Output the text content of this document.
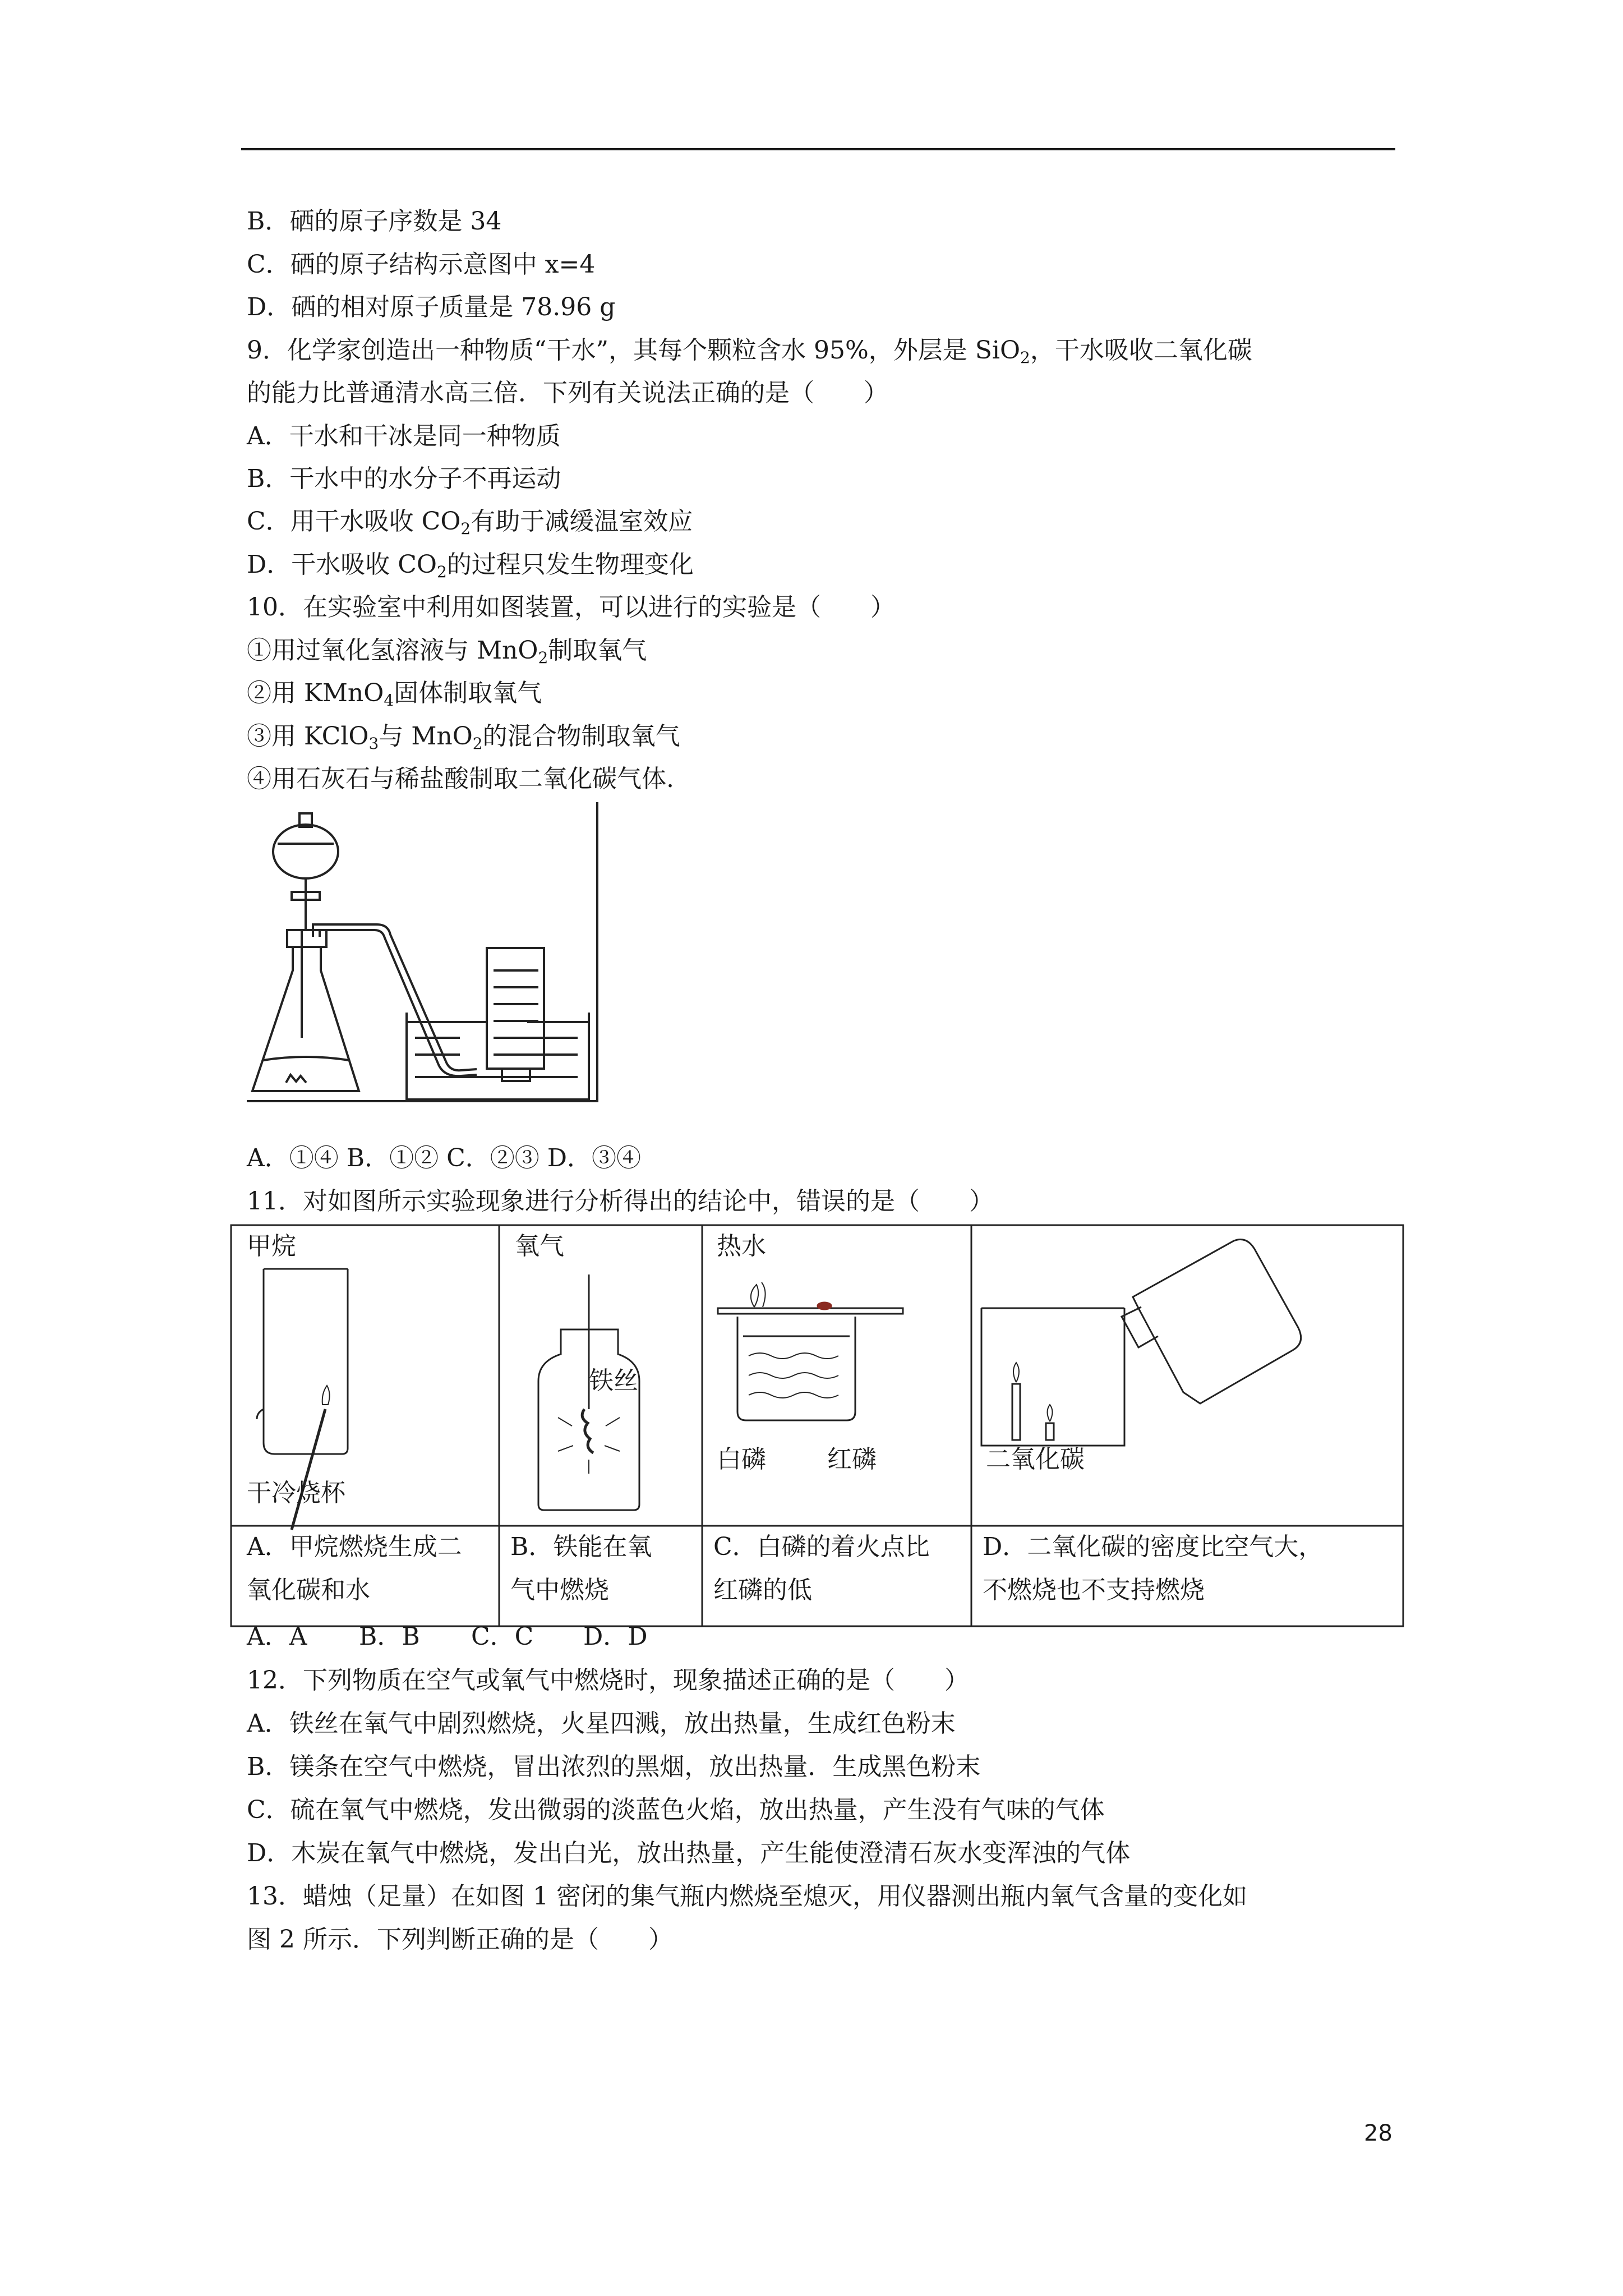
B．硒的原子序数是 34
C．硒的原子结构示意图中 x=4
D．硒的相对原子质量是 78.96 g
9．化学家创造出一种物质“干水”，其每个颗粒含水 95%，外层是 SiO$_2$，干水吸收二氧化碳
的能力比普通清水高三倍．下列有关说法正确的是（　　）
A．干水和干冰是同一种物质
B．干水中的水分子不再运动
C．用干水吸收 $CO_2$有助于减缓温室效应
D．干水吸收 $CO_2$的过程只发生物理变化
10．在实验室中利用如图装置，可以进行的实验是（　　）
①用过氧化氢溶液与 MnO$_2$制取氧气
②用 KMnO$_4$固体制取氧气
③用 KClO$_3$与 MnO$_2$的混合物制取氧气
④用石灰石与稀盐酸制取二氧化碳气体.
A．①④ B．①② C．②③ D．③④
11．对如图所示实验现象进行分析得出的结论中，错误的是（　　）
甲烷
干冷烧杯
氧气
铁丝
热水
白磷 红磷	二氧化碳
A．甲烷燃烧生成二
氧化碳和水
B．铁能在氧
气中燃烧
C．白磷的着火点比
红磷的低
D．二氧化碳的密度比空气大，
不燃烧也不支持燃烧
A．A B．B C．C D．D
12．下列物质在空气或氧气中燃烧时，现象描述正确的是（　　）
A．铁丝在氧气中剧烈燃烧，火星四溅，放出热量，生成红色粉末
B．镁条在空气中燃烧，冒出浓烈的黑烟，放出热量．生成黑色粉末
C．硫在氧气中燃烧，发出微弱的淡蓝色火焰，放出热量，产生没有气味的气体
D．木炭在氧气中燃烧，发出白光，放出热量，产生能使澄清石灰水变浑浊的气体
13．蜡烛（足量）在如图 1 密闭的集气瓶内燃烧至熄灭，用仪器测出瓶内氧气含量的变化如
图 2 所示．下列判断正确的是（　　）
28
